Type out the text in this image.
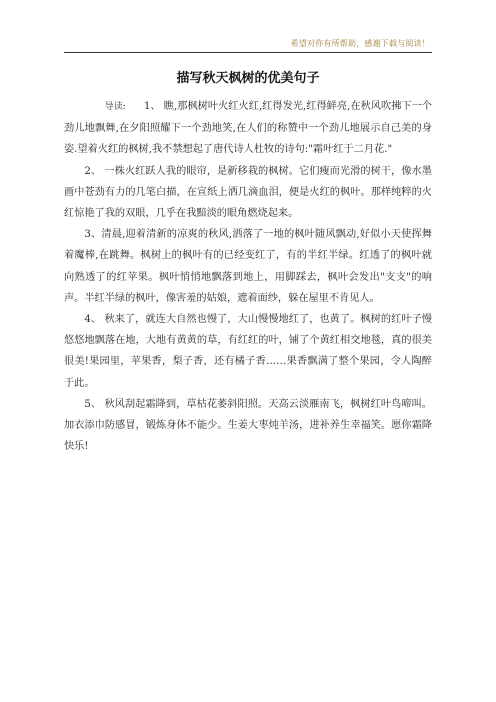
希望对你有所帮助，感谢下载与阅读！
描写秋天枫树的优美句子

导读: 1、 瞧,那枫树叶火红火红,红得发光,红得鲜亮,在秋风吹拂下一个劲儿地飘舞,在夕阳照耀下一个劲地笑,在人们的称赞中一个劲儿地展示自己美的身姿.望着火红的枫树,我不禁想起了唐代诗人杜牧的诗句:"霜叶红于二月花."

2、 一株火红跃人我的眼帘，是新移栽的枫树。它们瘦而光滑的树干，像水墨画中苍劲有力的几笔白描，在宣纸上洒几滴血泪，便是火红的枫叶。那样纯粹的火红惊艳了我的双眼，几乎在我黯淡的眼角燃烧起来。

3、清晨,迎着清新的凉爽的秋风,洒落了一地的枫叶随风飘动,好似小天使挥舞着魔棒,在跳舞。枫树上的枫叶有的已经变红了，有的半红半绿。红透了的枫叶就向熟透了的红苹果。枫叶悄悄地飘落到地上，用脚踩去，枫叶会发出"支支"的响声。半红半绿的枫叶，像害羞的姑娘，遮着面纱，躲在屋里不肯见人。

4、 秋来了，就连大自然也慢了，大山慢慢地红了，也黄了。枫树的红叶子慢悠悠地飘落在地，大地有黄黄的草，有红红的叶，铺了个黄红相交地毯，真的很美很美!果园里，苹果香，梨子香，还有橘子香……果香飘满了整个果园，令人陶醉于此。

5、 秋风刮起霜降到，草枯花萎斜阳照。天高云淡雁南飞，枫树红叶鸟啼叫。加衣添巾防感冒，锻炼身体不能少。生姜大枣炖羊汤，进补养生幸福笑。愿你霜降快乐!
